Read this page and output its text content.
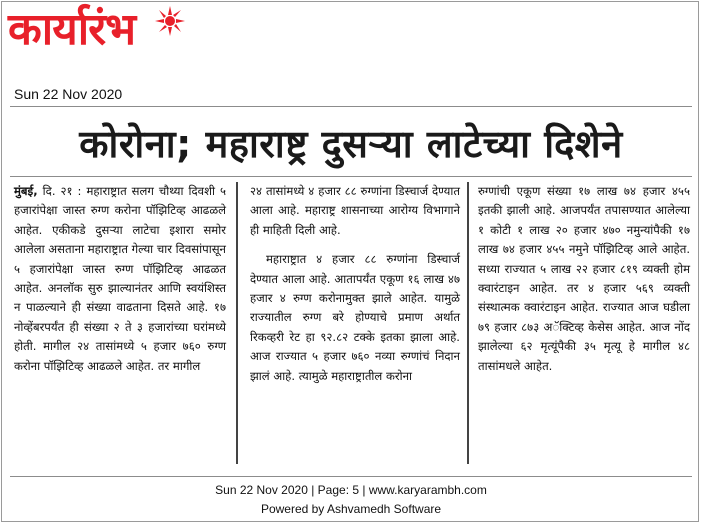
कार्यारंभ
Sun 22 Nov 2020
कोरोना; महाराष्ट्र दुसऱ्या लाटेच्या दिशेने

मुंबई, दि. २१ : महाराष्ट्रात सलग चौथ्या दिवशी ५ हजारांपेक्षा जास्त रुग्ण करोना पॉझिटिव्ह आढळले आहेत. एकीकडे दुसऱ्या लाटेचा इशारा समोर आलेला असताना महाराष्ट्रात गेल्या चार दिवसांपासून ५ हजारांपेक्षा जास्त रुग्ण पॉझिटिव्ह आढळत आहेत. अनलॉक सुरु झाल्यानंतर आणि स्वयंशिस्त न पाळल्याने ही संख्या वाढताना दिसते आहे. १७ नोव्हेंबरपर्यंत ही संख्या २ ते ३ हजारांच्या घरांमध्ये होती. मागील २४ तासांमध्ये ५ हजार ७६० रुग्ण करोना पॉझिटिव्ह आढळले आहेत. तर मागील

२४ तासांमध्ये ४ हजार ८८ रुग्णांना डिस्चार्ज देण्यात आला आहे. महाराष्ट्र शासनाच्या आरोग्य विभागाने ही माहिती दिली आहे.

महाराष्ट्रात ४ हजार ८८ रुग्णांना डिस्चार्ज देण्यात आला आहे. आतापर्यंत एकूण १६ लाख ४७ हजार ४ रुग्ण करोनामुक्त झाले आहेत. यामुळे राज्यातील रुग्ण बरे होण्याचे प्रमाण अर्थात रिकव्हरी रेट हा ९२.८२ टक्के इतका झाला आहे. आज राज्यात ५ हजार ७६० नव्या रुग्णांचं निदान झालं आहे. त्यामुळे महाराष्ट्रातील करोना

रुग्णांची एकूण संख्या १७ लाख ७४ हजार ४५५ इतकी झाली आहे. आजपर्यंत तपासण्यात आलेल्या १ कोटी १ लाख २० हजार ४७० नमुन्यांपैकी १७ लाख ७४ हजार ४५५ नमुने पॉझिटिव्ह आले आहेत. सध्या राज्यात ५ लाख २२ हजार ८१९ व्यक्ती होम क्वारंटाइन आहेत. तर ४ हजार ५६९ व्यक्ती संस्थात्मक क्वारंटाइन आहेत. राज्यात आज घडीला ७९ हजार ८७३ अॅक्टिव्ह केसेस आहेत. आज नोंद झालेल्या ६२ मृत्यूंपैकी ३५ मृत्यू हे मागील ४८ तासांमधले आहेत.

Sun 22 Nov 2020 | Page: 5 | www.karyarambh.com
Powered by Ashvamedh Software
